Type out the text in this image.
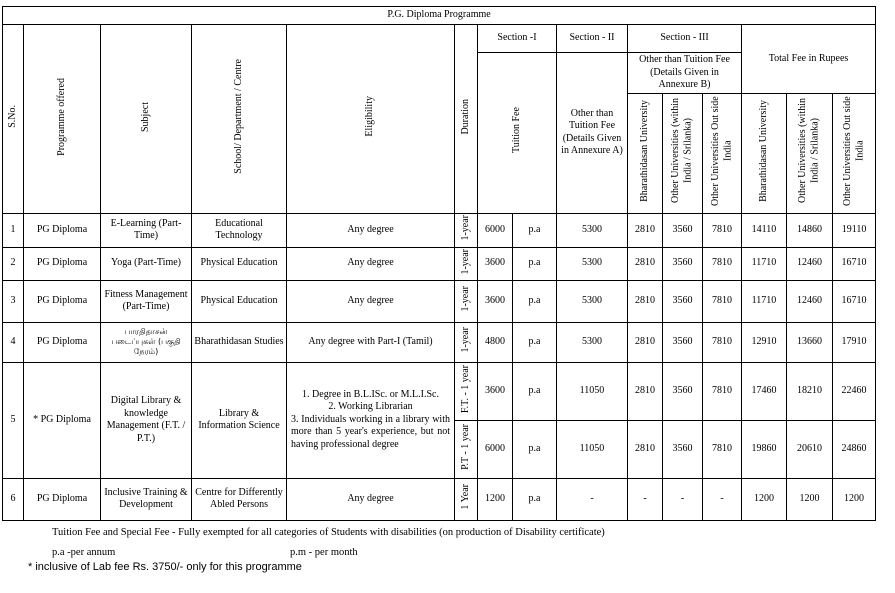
P.G. Diploma Programme														
S.No.	Programme offered	Subject	School/ Department / Centre	Eligibility	Duration	Section -I		Section - II	Section - III			Total Fee in Rupees		
						Tuition Fee		Other than Tuition Fee (Details Given in Annexure A)	Other than Tuition Fee (Details Given in Annexure B)					
									Bharathidasan University	Other Universities (within India / Srilanka)	Other Universities Out side India	Bharathidasan University	Other Universities (within India / Srilanka)	Other Universities Out side India
1	PG Diploma	E-Learning (Part-Time)	Educational Technology	Any degree	1-year	6000	p.a	5300	2810	3560	7810	14110	14860	19110
2	PG Diploma	Yoga (Part-Time)	Physical Education	Any degree	1-year	3600	p.a	5300	2810	3560	7810	11710	12460	16710
3	PG Diploma	Fitness Management (Part-Time)	Physical Education	Any degree	1-year	3600	p.a	5300	2810	3560	7810	11710	12460	16710
4	PG Diploma	பாரதிதாசன் படைப்புகள் (பகுதி நேரம்)	Bharathidasan Studies	Any degree with Part-I (Tamil)	1-year	4800	p.a	5300	2810	3560	7810	12910	13660	17910
5	* PG Diploma	Digital Library & knowledge Management (F.T. / P.T.)	Library & Information Science	1. Degree in B.L.ISc. or M.L.I.Sc.
2. Working Librarian
3. Individuals working in a library with more than 5 year's experience, but not having professional degree	F.T. - 1 year	3600	p.a	11050	2810	3560	7810	17460	18210	22460
					P.T - 1 year	6000	p.a	11050	2810	3560	7810	19860	20610	24860
6	PG Diploma	Inclusive Training & Development	Centre for Differently Abled Persons	Any degree	1 Year	1200	p.a	-	-	-	-	1200	1200	1200
Tuition Fee and Special Fee - Fully exempted for all categories of Students with disabilities (on production of Disability certificate)
p.a -per annum	p.m - per month
* inclusive of Lab fee Rs. 3750/- only for this programme
